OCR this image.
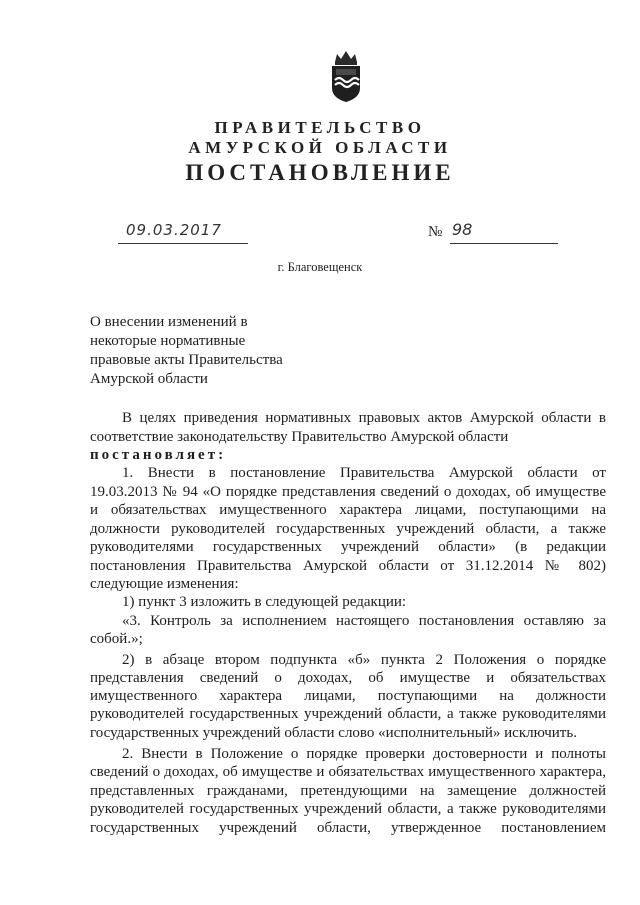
ПРАВИТЕЛЬСТВО
АМУРСКОЙ ОБЛАСТИ
ПОСТАНОВЛЕНИЕ
09.03.2017	№ 98
г. Благовещенск
О внесении изменений в
некоторые нормативные
правовые акты Правительства
Амурской области
В целях приведения нормативных правовых актов Амурской области в
соответствие законодательству Правительство Амурской области
постановляет:
1. Внести в постановление Правительства Амурской области от
19.03.2013 № 94 «О порядке представления сведений о доходах, об имуществе
и обязательствах имущественного характера лицами, поступающими на
должности руководителей государственных учреждений области, а также
руководителями государственных учреждений области» (в редакции
постановления Правительства Амурской области от 31.12.2014 № 802)
следующие изменения:
1) пункт 3 изложить в следующей редакции:
«3. Контроль за исполнением настоящего постановления оставляю за
собой.»;
2) в абзаце втором подпункта «б» пункта 2 Положения о порядке
представления сведений о доходах, об имуществе и обязательствах
имущественного характера лицами, поступающими на должности
руководителей государственных учреждений области, а также руководителями
государственных учреждений области слово «исполнительный» исключить.
2. Внести в Положение о порядке проверки достоверности и полноты
сведений о доходах, об имуществе и обязательствах имущественного характера,
представленных гражданами, претендующими на замещение должностей
руководителей государственных учреждений области, а также руководителями
государственных учреждений области, утвержденное постановлением
